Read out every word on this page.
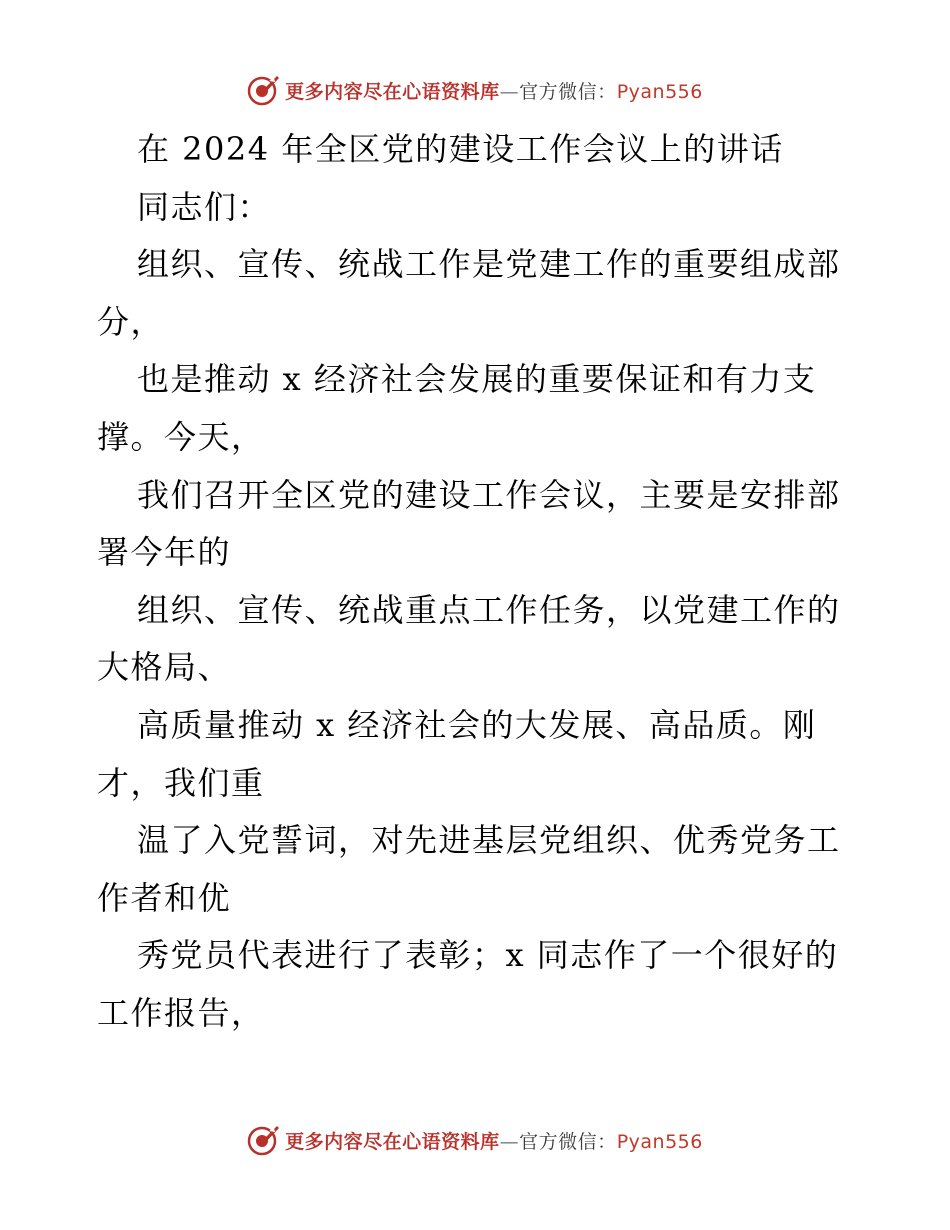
更多内容尽在心语资料库—官方微信：Pyan556
在 2024 年全区党的建设工作会议上的讲话
同志们：
组织、宣传、统战工作是党建工作的重要组成部
分，
也是推动 x 经济社会发展的重要保证和有力支
撑。今天，
我们召开全区党的建设工作会议，主要是安排部
署今年的
组织、宣传、统战重点工作任务，以党建工作的
大格局、
高质量推动 x 经济社会的大发展、高品质。刚
才，我们重
温了入党誓词，对先进基层党组织、优秀党务工
作者和优
秀党员代表进行了表彰；x 同志作了一个很好的
工作报告，
更多内容尽在心语资料库—官方微信：Pyan556
